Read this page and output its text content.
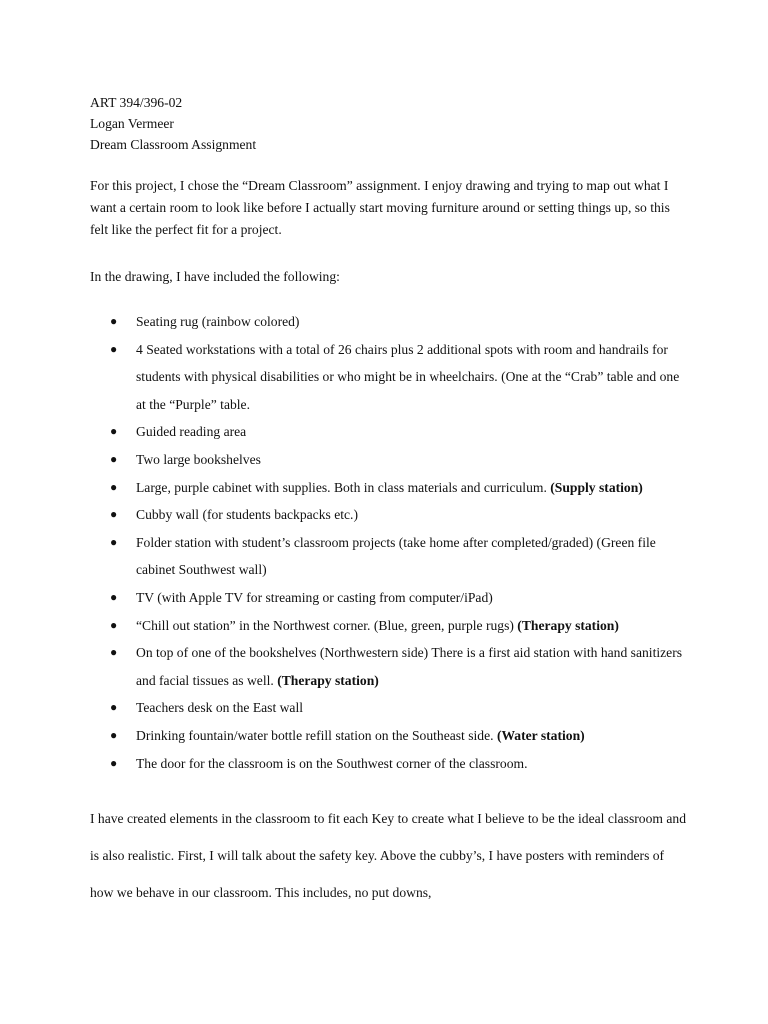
ART 394/396-02
Logan Vermeer
Dream Classroom Assignment

For this project, I chose the “Dream Classroom” assignment. I enjoy drawing and trying to map out what I want a certain room to look like before I actually start moving furniture around or setting things up, so this felt like the perfect fit for a project.

In the drawing, I have included the following:

● Seating rug (rainbow colored)
● 4 Seated workstations with a total of 26 chairs plus 2 additional spots with room and handrails for students with physical disabilities or who might be in wheelchairs. (One at the “Crab” table and one at the “Purple” table.
● Guided reading area
● Two large bookshelves
● Large, purple cabinet with supplies. Both in class materials and curriculum. (Supply station)
● Cubby wall (for students backpacks etc.)
● Folder station with student’s classroom projects (take home after completed/graded) (Green file cabinet Southwest wall)
● TV (with Apple TV for streaming or casting from computer/iPad)
● “Chill out station” in the Northwest corner. (Blue, green, purple rugs) (Therapy station)
● On top of one of the bookshelves (Northwestern side) There is a first aid station with hand sanitizers and facial tissues as well. (Therapy station)
● Teachers desk on the East wall
● Drinking fountain/water bottle refill station on the Southeast side. (Water station)
● The door for the classroom is on the Southwest corner of the classroom.

I have created elements in the classroom to fit each Key to create what I believe to be the ideal classroom and is also realistic. First, I will talk about the safety key. Above the cubby’s, I have posters with reminders of how we behave in our classroom. This includes, no put downs,
